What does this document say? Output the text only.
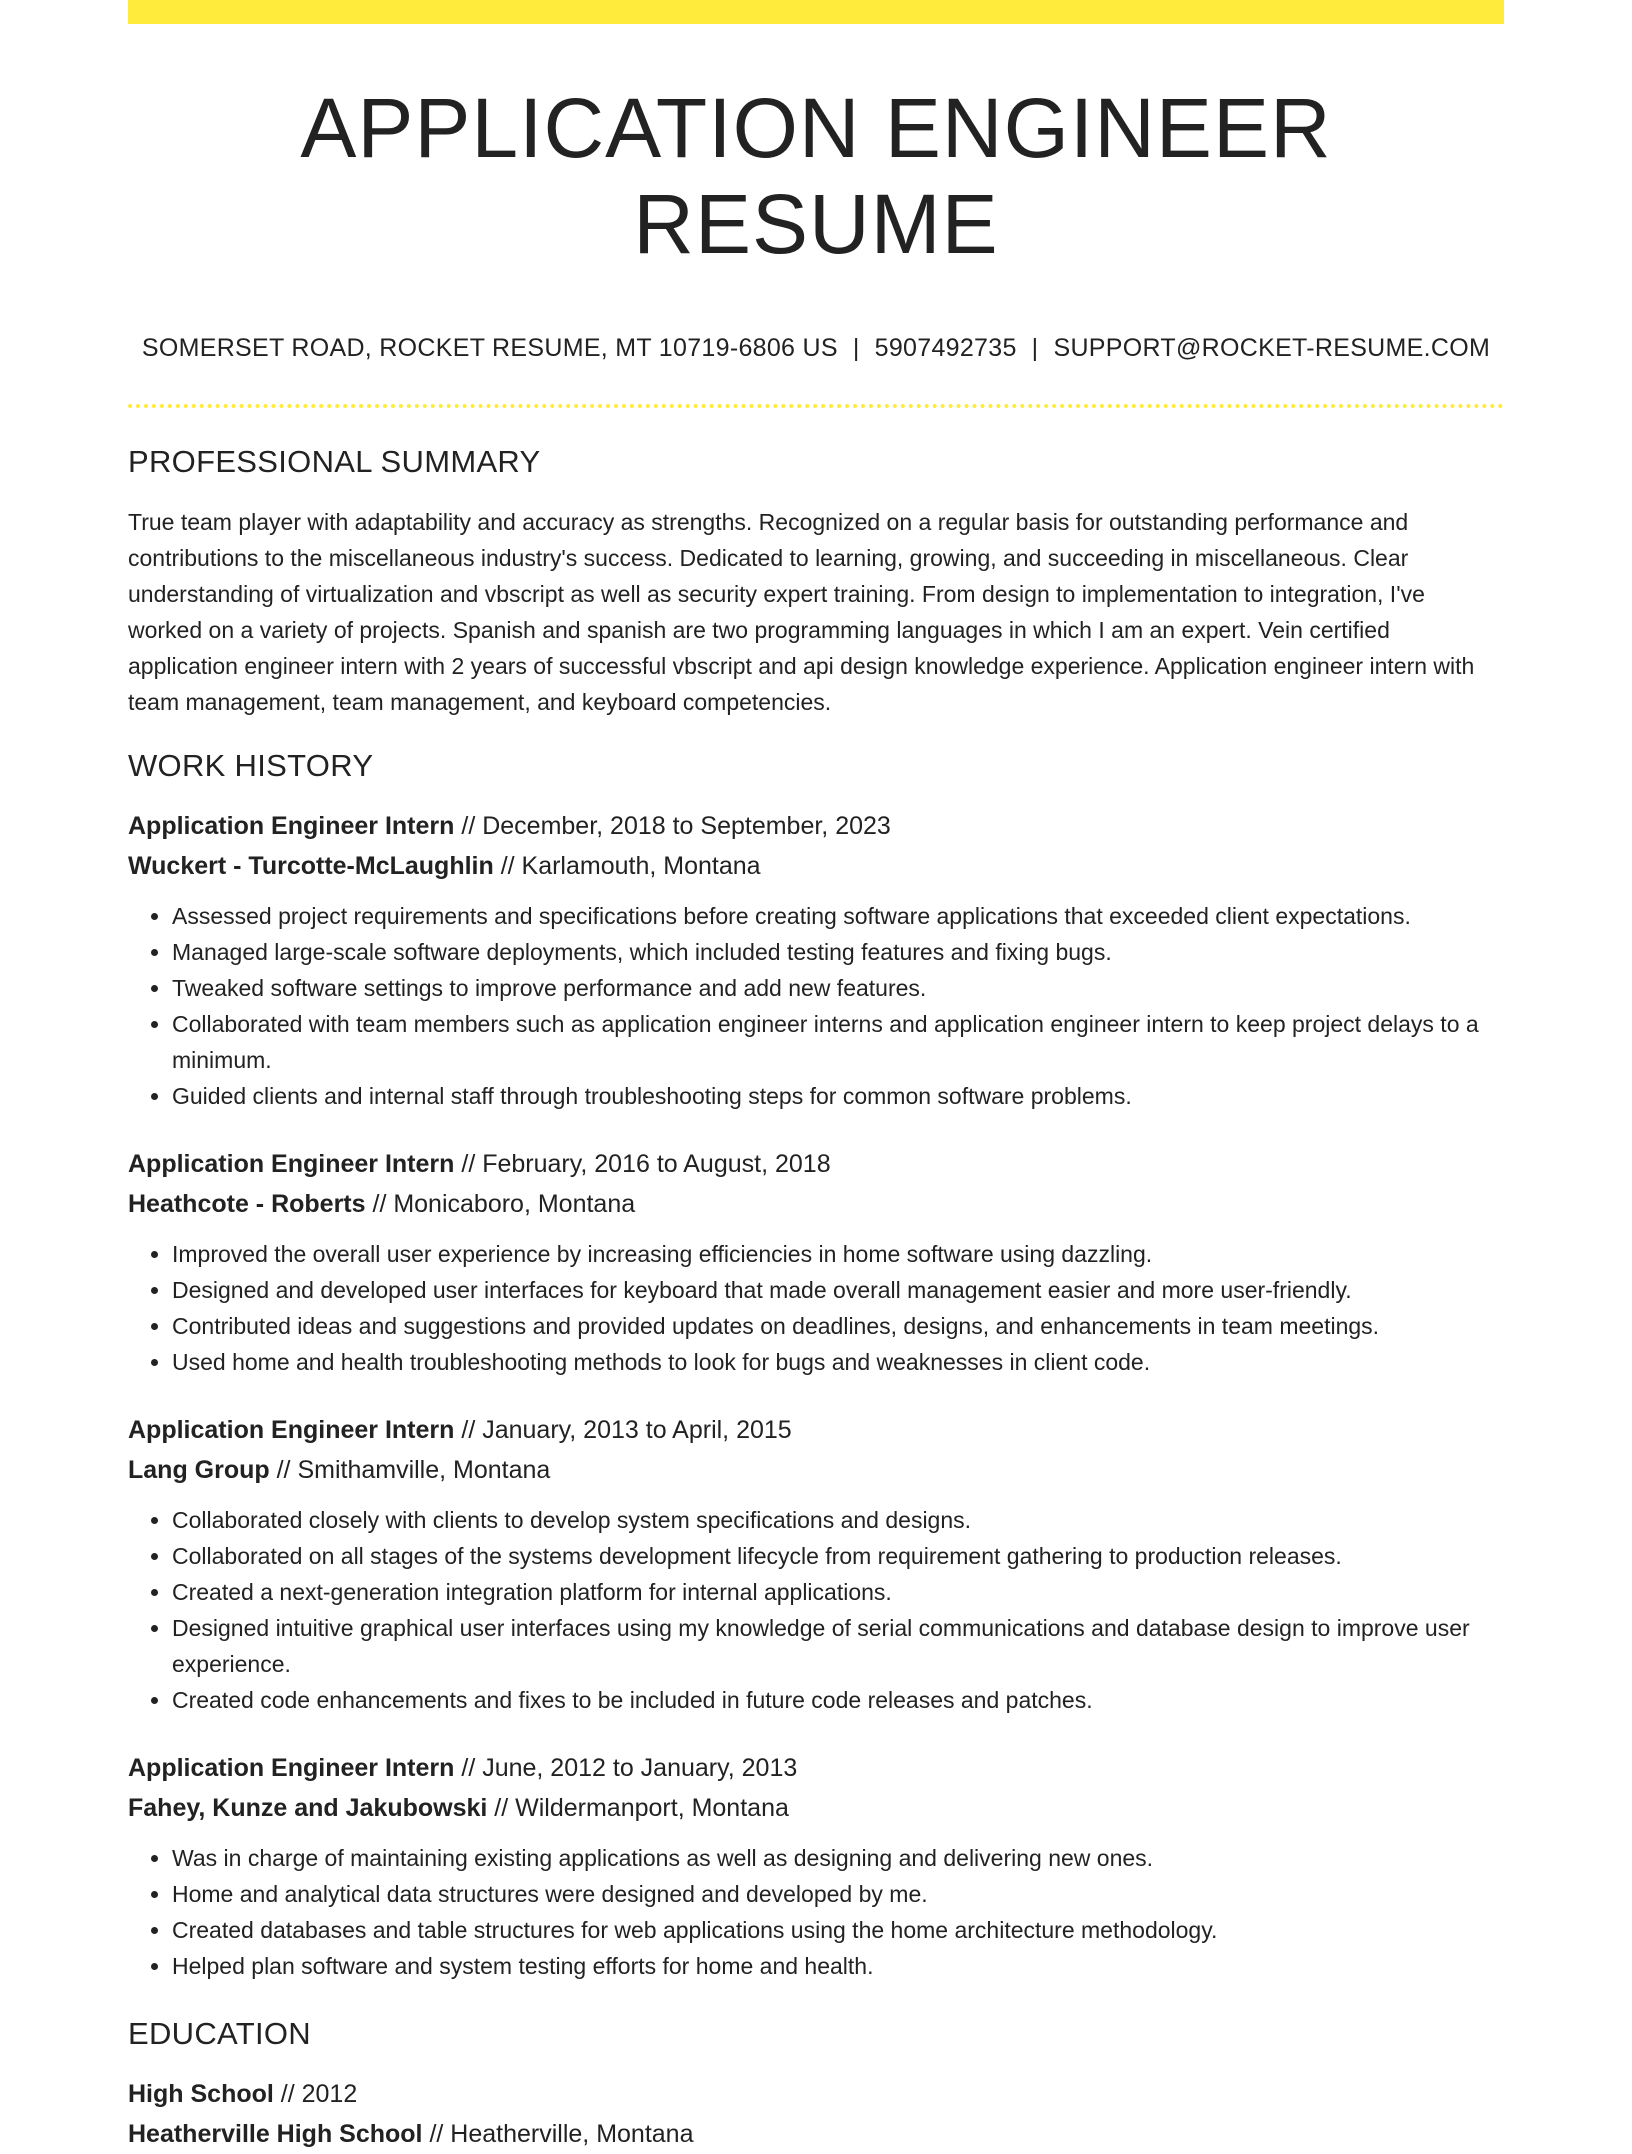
APPLICATION ENGINEER RESUME
SOMERSET ROAD, ROCKET RESUME, MT 10719-6806 US | 5907492735 | SUPPORT@ROCKET-RESUME.COM
PROFESSIONAL SUMMARY

True team player with adaptability and accuracy as strengths. Recognized on a regular basis for outstanding performance and contributions to the miscellaneous industry's success. Dedicated to learning, growing, and succeeding in miscellaneous. Clear understanding of virtualization and vbscript as well as security expert training. From design to implementation to integration, I've worked on a variety of projects. Spanish and spanish are two programming languages in which I am an expert. Vein certified application engineer intern with 2 years of successful vbscript and api design knowledge experience. Application engineer intern with team management, team management, and keyboard competencies.

WORK HISTORY
Application Engineer Intern // December, 2018 to September, 2023
Wuckert - Turcotte-McLaughlin // Karlamouth, Montana
• Assessed project requirements and specifications before creating software applications that exceeded client expectations.
• Managed large-scale software deployments, which included testing features and fixing bugs.
• Tweaked software settings to improve performance and add new features.
• Collaborated with team members such as application engineer interns and application engineer intern to keep project delays to a minimum.
• Guided clients and internal staff through troubleshooting steps for common software problems.
Application Engineer Intern // February, 2016 to August, 2018
Heathcote - Roberts // Monicaboro, Montana
• Improved the overall user experience by increasing efficiencies in home software using dazzling.
• Designed and developed user interfaces for keyboard that made overall management easier and more user-friendly.
• Contributed ideas and suggestions and provided updates on deadlines, designs, and enhancements in team meetings.
• Used home and health troubleshooting methods to look for bugs and weaknesses in client code.
Application Engineer Intern // January, 2013 to April, 2015
Lang Group // Smithamville, Montana
• Collaborated closely with clients to develop system specifications and designs.
• Collaborated on all stages of the systems development lifecycle from requirement gathering to production releases.
• Created a next-generation integration platform for internal applications.
• Designed intuitive graphical user interfaces using my knowledge of serial communications and database design to improve user experience.
• Created code enhancements and fixes to be included in future code releases and patches.
Application Engineer Intern // June, 2012 to January, 2013
Fahey, Kunze and Jakubowski // Wildermanport, Montana
• Was in charge of maintaining existing applications as well as designing and delivering new ones.
• Home and analytical data structures were designed and developed by me.
• Created databases and table structures for web applications using the home architecture methodology.
• Helped plan software and system testing efforts for home and health.
EDUCATION
High School // 2012
Heatherville High School // Heatherville, Montana
